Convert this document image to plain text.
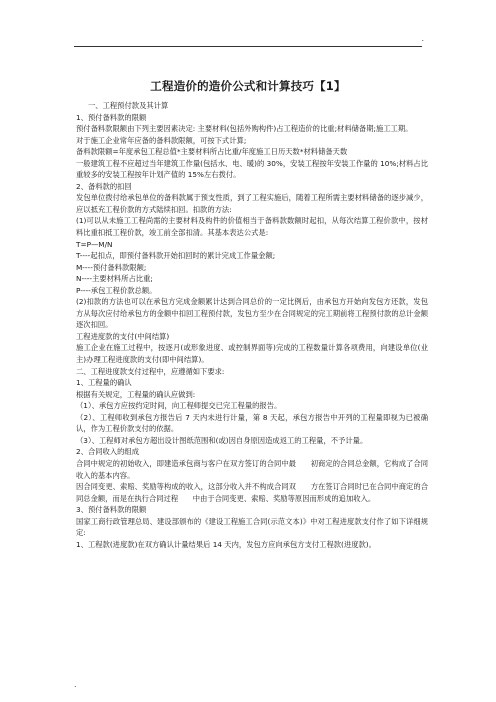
.
工程造价的造价公式和计算技巧【1】

一、工程预付款及其计算

1、预付备料款的限额

预付备料款限额由下列主要因素决定: 主要材料(包括外购构件)占工程造价的比重;材料储备期;施工工期。

对于施工企业常年应备的备料款限额，可按下式计算;

备料款限额=年度承包工程总值*主要材料所占比重/年度施工日历天数*材料储备天数

一般建筑工程不应超过当年建筑工作量(包括水、电、暖)的 30%，安装工程按年安装工作量的 10%;材料占比重较多的安装工程按年计划产值的 15%左右拨付。

2、备料款的扣回

发包单位拨付给承包单位的备料款属于预支性质，到了工程实施后，随着工程所需主要材料储备的逐步减少，应以抵充工程价款的方式陆续扣回。扣款的方法:

(1)可以从未施工工程尚需的主要材料及构件的价值相当于备料款数额时起扣，从每次结算工程价款中，按材料比重扣抵工程价款，竣工前全部扣清。其基本表达公式是:

T=P—M/N

T----起扣点，即预付备料款开始扣回时的累计完成工作量金额;

M----预付备料款限额;

N----主要材料所占比重;

P----承包工程价款总额。

(2)扣款的方法也可以在承包方完成金额累计达到合同总价的一定比例后，由承包方开始向发包方还款，发包方从每次应付给承包方的金额中扣回工程预付款，发包方至少在合同规定的完工期前将工程预付款的总计金额逐次扣回。

工程进度款的支付(中间结算)

施工企业在施工过程中，按逐月(或形象进度、或控制界面等)完成的工程数量计算各项费用，向建设单位(业主)办理工程进度款的支付(即中间结算)。

二、工程进度款支付过程中，应遵循如下要求:

1、工程量的确认

根据有关规定，工程量的确认应做到:

（1）、承包方应按约定时间，向工程师提交已完工程量的报告。

（2）、工程师收到承包方报告后 7 天内未进行计量，第 8 天起，承包方报告中开列的工程量即视为已被确认，作为工程价款支付的依据。

（3）、工程师对承包方超出设计图纸范围和(或)因自身原因造成返工的工程量，不予计量。

2、合同收入的组成

合同中规定的初始收入，即建造承包商与客户在双方签订的合同中最　　初商定的合同总金额，它构成了合同收入的基本内容。

因合同变更、索赔、奖励等构成的收入，这部分收入并不构成合同双　　方在签订合同时已在合同中商定的合同总金额，而是在执行合同过程　　中由于合同变更、索赔、奖励等原因而形成的追加收入。

3、预付备料款的限额

国家工商行政管理总局、建设部颁布的《建设工程施工合同(示范文本)》中对工程进度款支付作了如下详细规定:

1、工程款(进度款)在双方确认计量结果后 14 天内，发包方应向承包方支付工程款(进度款)。

.
